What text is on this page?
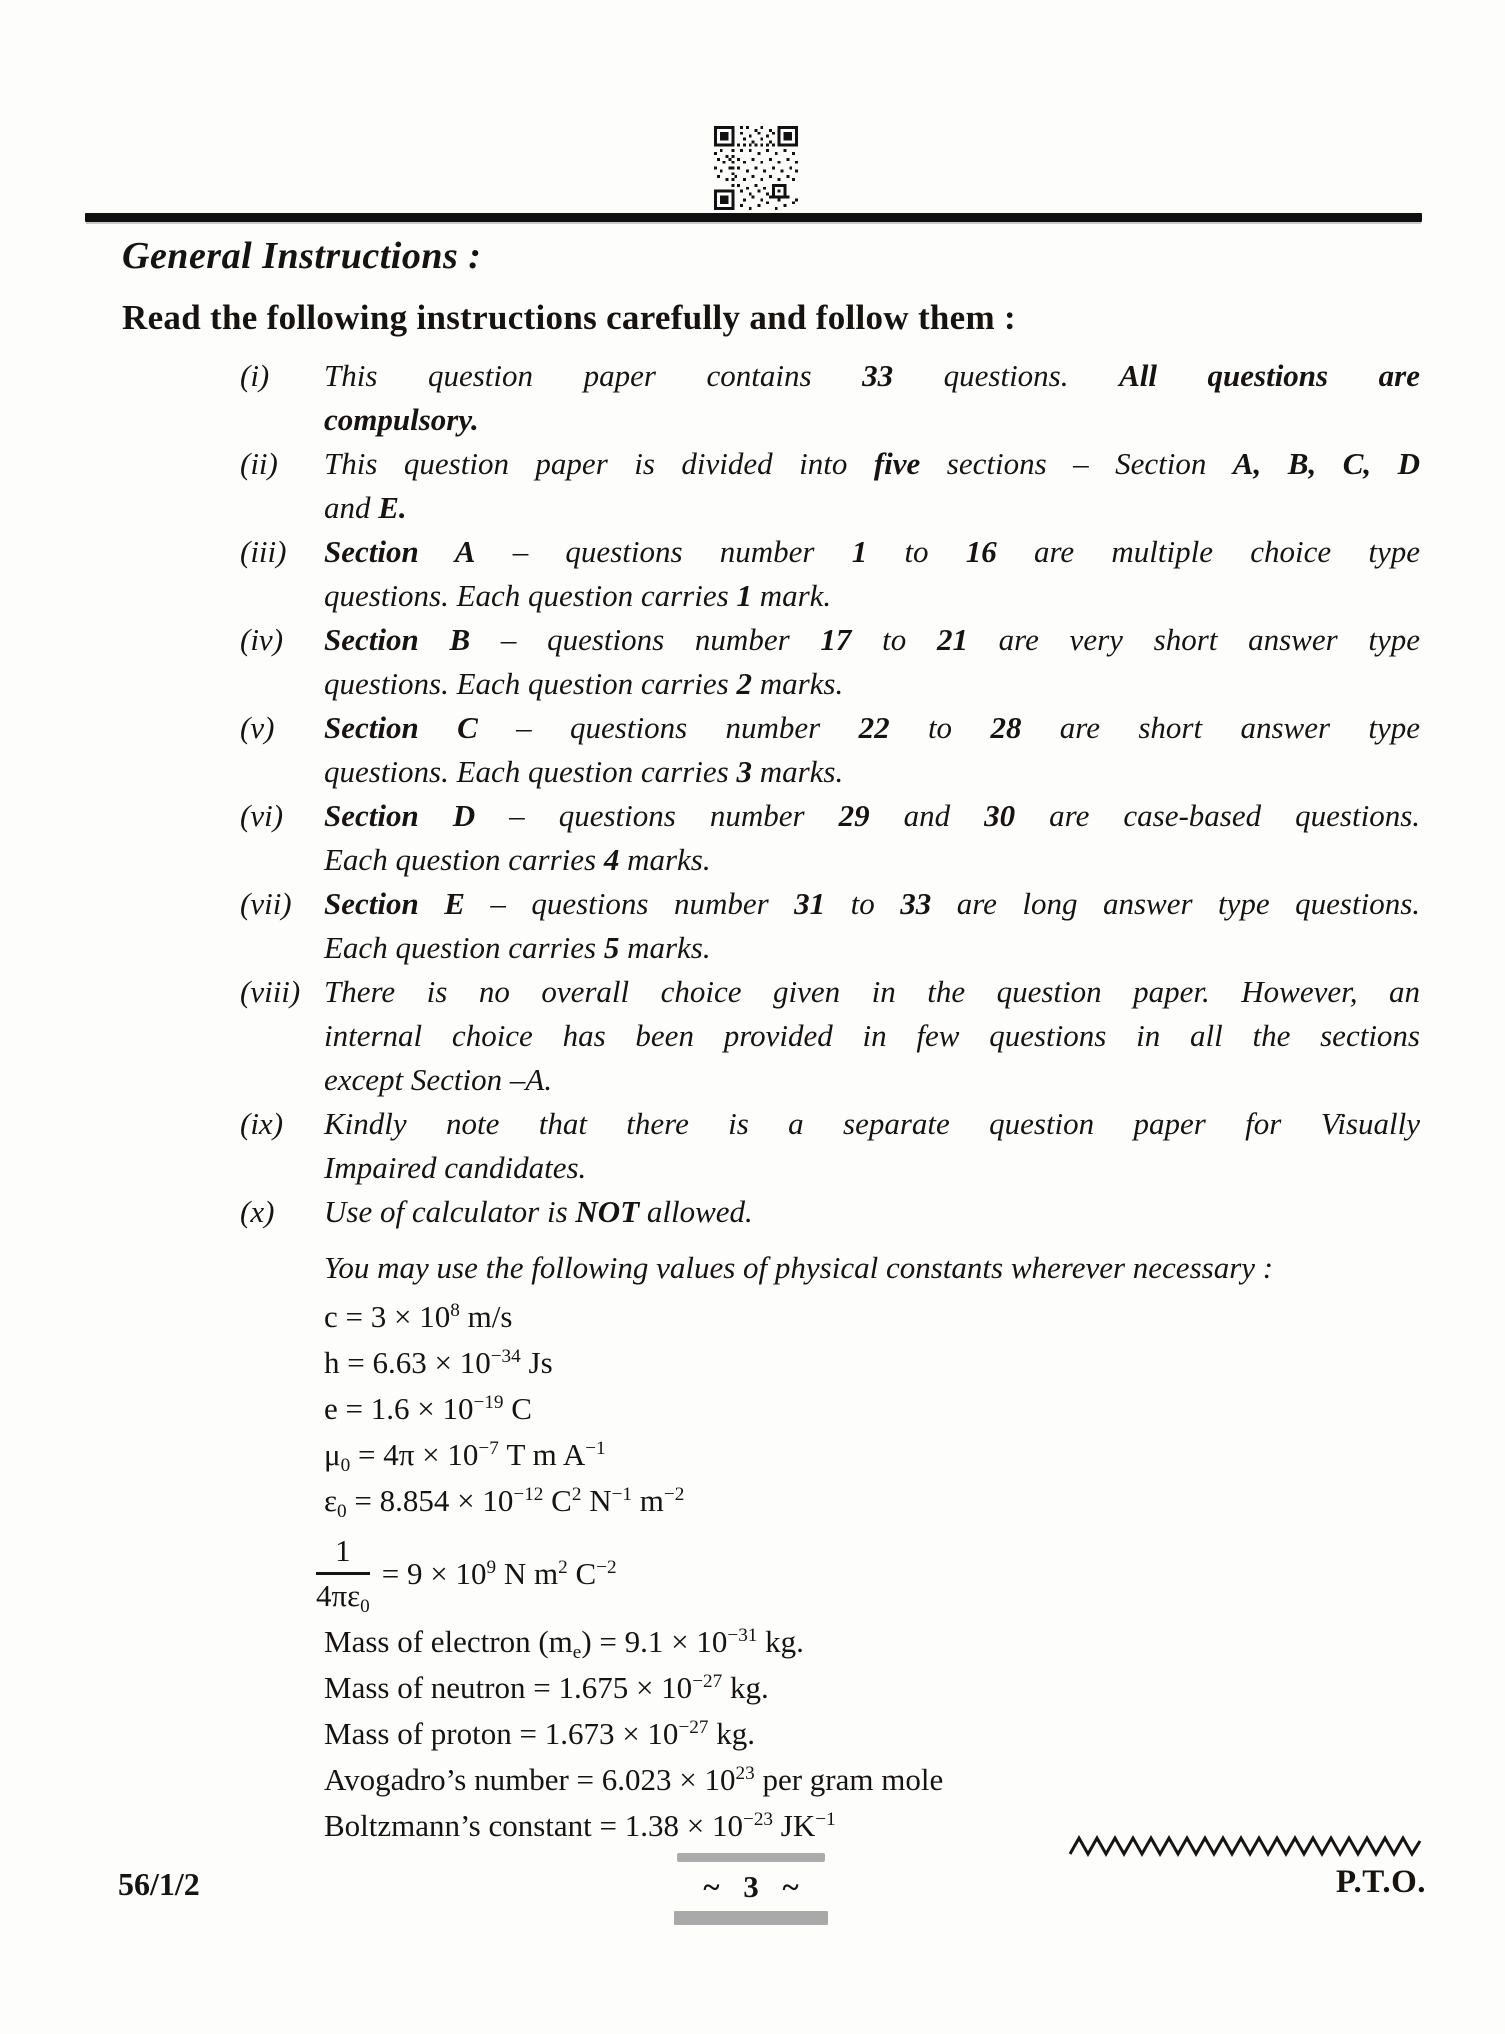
General Instructions :
Read the following instructions carefully and follow them :
(i)	This question paper contains 33 questions. All questions are
compulsory.
(ii)	This question paper is divided into five sections – Section A, B, C, D
and E.
(iii)	Section A – questions number 1 to 16 are multiple choice type
questions. Each question carries 1 mark.
(iv)	Section B – questions number 17 to 21 are very short answer type
questions. Each question carries 2 marks.
(v)	Section C – questions number 22 to 28 are short answer type
questions. Each question carries 3 marks.
(vi)	Section D – questions number 29 and 30 are case-based questions.
Each question carries 4 marks.
(vii)	Section E – questions number 31 to 33 are long answer type questions.
Each question carries 5 marks.
(viii) There is no overall choice given in the question paper. However, an
internal choice has been provided in few questions in all the sections
except Section –A.
(ix)	Kindly note that there is a separate question paper for Visually
Impaired candidates.
(x)	Use of calculator is NOT allowed.
You may use the following values of physical constants wherever necessary :
$c = 3 \times 10^8$ m/s
$h = 6.63 \times 10^{-34}$ Js
$e = 1.6 \times 10^{-19}$ C
$\mu_0 = 4\pi \times 10^{-7}$ T m $A^{-1}$
$\varepsilon_0 = 8.854 \times 10^{-12}$ $C^2$ $N^{-1}$ $m^{-2}$
$\frac{1}{4\pi\varepsilon_0} = 9 \times 10^9$ N $m^2$ $C^{-2}$
Mass of electron $(m_e) = 9.1 \times 10^{-31}$ kg.
Mass of neutron = $1.675 \times 10^{-27}$ kg.
Mass of proton = $1.673 \times 10^{-27}$ kg.
Avogadro’s number = $6.023 \times 10^{23}$ per gram mole
Boltzmann’s constant = $1.38 \times 10^{-23}$ $JK^{-1}$
56/1/2	~ 3 ~	P.T.O.
